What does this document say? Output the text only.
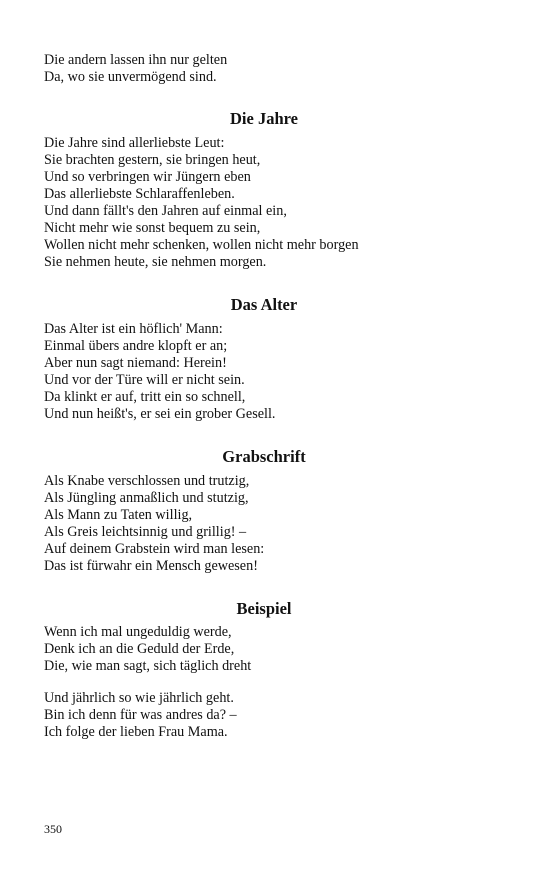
Die andern lassen ihn nur gelten
Da, wo sie unvermögend sind.
Die Jahre
Die Jahre sind allerliebste Leut:
Sie brachten gestern, sie bringen heut,
Und so verbringen wir Jüngern eben
Das allerliebste Schlaraffenleben.
Und dann fällt's den Jahren auf einmal ein,
Nicht mehr wie sonst bequem zu sein,
Wollen nicht mehr schenken, wollen nicht mehr borgen
Sie nehmen heute, sie nehmen morgen.
Das Alter
Das Alter ist ein höflich' Mann:
Einmal übers andre klopft er an;
Aber nun sagt niemand: Herein!
Und vor der Türe will er nicht sein.
Da klinkt er auf, tritt ein so schnell,
Und nun heißt's, er sei ein grober Gesell.
Grabschrift
Als Knabe verschlossen und trutzig,
Als Jüngling anmaßlich und stutzig,
Als Mann zu Taten willig,
Als Greis leichtsinnig und grillig! –
Auf deinem Grabstein wird man lesen:
Das ist fürwahr ein Mensch gewesen!
Beispiel
Wenn ich mal ungeduldig werde,
Denk ich an die Geduld der Erde,
Die, wie man sagt, sich täglich dreht
Und jährlich so wie jährlich geht.
Bin ich denn für was andres da? –
Ich folge der lieben Frau Mama.
350
